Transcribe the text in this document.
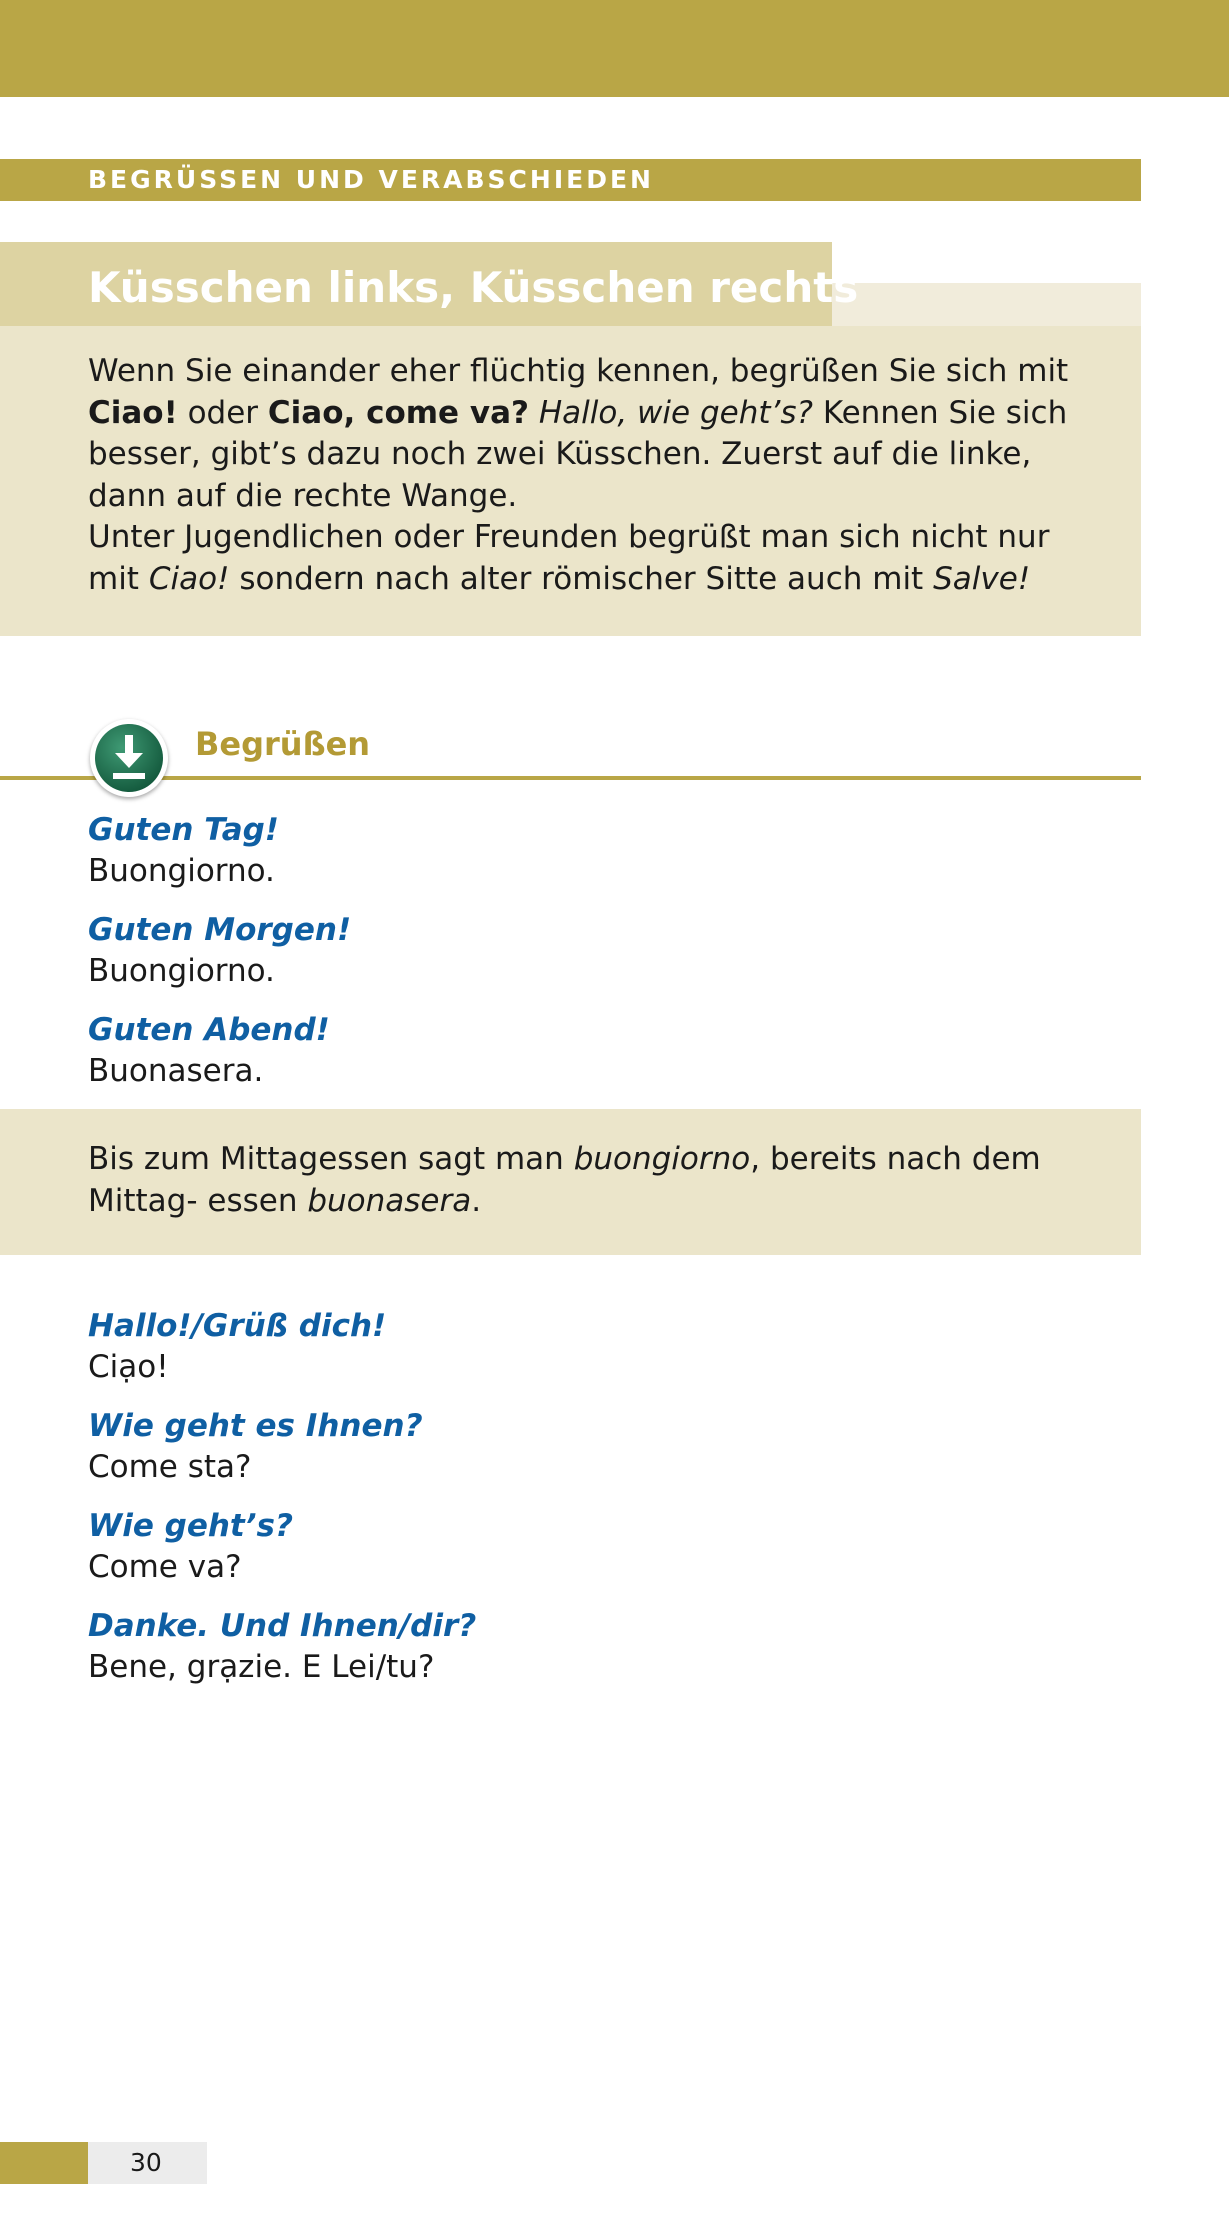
BEGRÜSSEN UND VERABSCHIEDEN
Küsschen links, Küsschen rechts

Wenn Sie einander eher flüchtig kennen, begrüßen Sie sich mit Ciao! oder Ciao, come va? Hallo, wie geht’s? Kennen Sie sich besser, gibt’s dazu noch zwei Küsschen. Zuerst auf die linke, dann auf die rechte Wange.

Unter Jugendlichen oder Freunden begrüßt man sich nicht nur mit Ciao! sondern nach alter römischer Sitte auch mit Salve!

Begrüßen
Guten Tag!
Buongiorno.
Guten Morgen!
Buongiorno.
Guten Abend!
Buonasera.

Bis zum Mittagessen sagt man buongiorno, bereits nach dem Mittag- essen buonasera.

Hallo!/Grüß dich!
Ciạo!
Wie geht es Ihnen?
Come sta?
Wie geht’s?
Come va?
Danke. Und Ihnen/dir?
Bene, grạzie. E Lei/tu?
30
